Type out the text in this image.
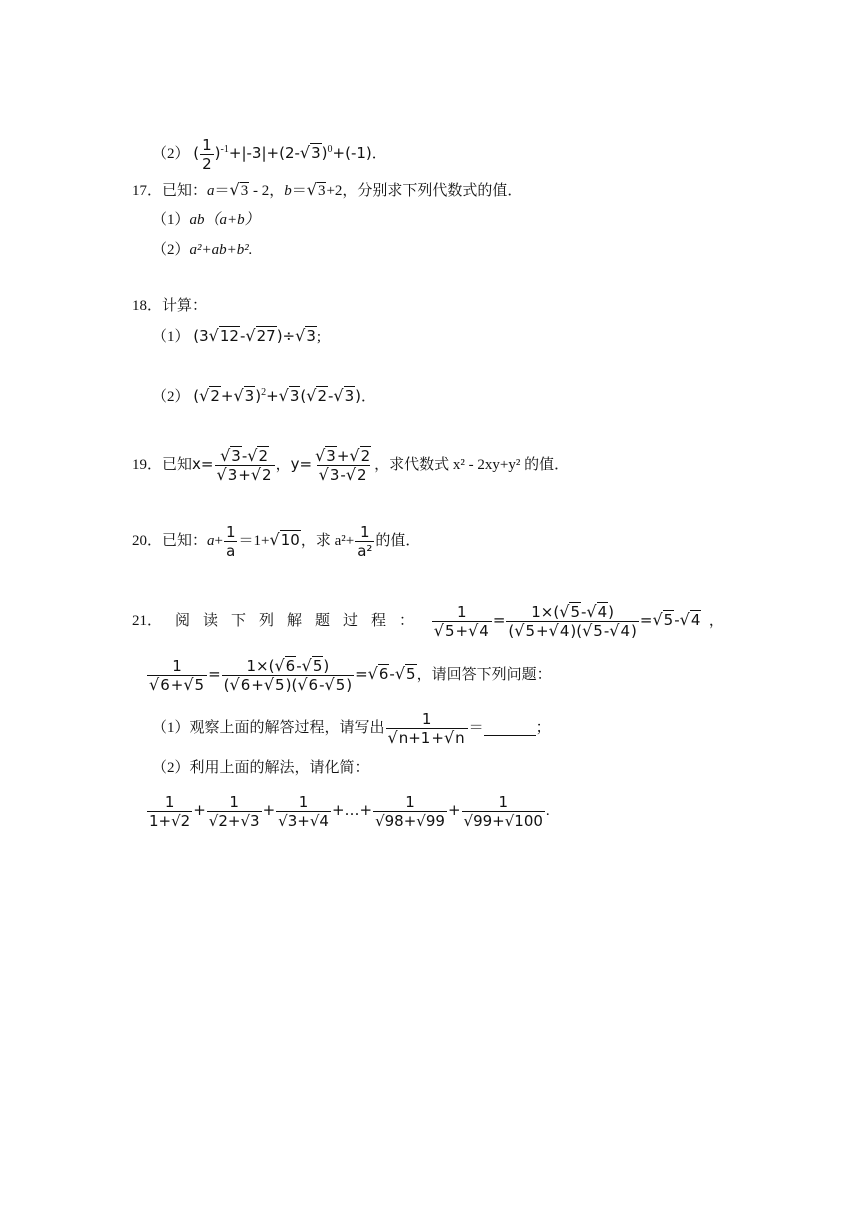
（2） ( $\frac{1}{2} )^{-1}+|-3|+(2-√3)^0+(-1)$．
17．已知：a＝√3 - 2，b＝√3+2，分别求下列代数式的值．
（1）ab（a+b）
（2）a²+ab+b².
18．计算：
（1） (3√12-√27)÷√3;
（2） $(√2+√3)^2+√3(√2-√3)$．
19．已知$x= \frac{√3-√2}{√3+√2}$ ，$y= \frac{√3+√2}{√3-√2}$ ，求代数式 x² - 2xy+y² 的值．
20．已知：$a+ \frac{1}{a} =1+√10$，求 $a^2+ \frac{1}{\text{a²}}$ 的值．
21．阅读下列解题过程： $\frac{1}{√5+√4} = \frac{1\times(√5-√4)}{(√5+√4)(√5-√4)} =√5-√4$  ，
$\frac{1}{√6+√5} = \frac{1\times(√6-√5)}{(√6+√5)(√6-√5)} =√6-√5$，请回答下列问题：
（1）观察上面的解答过程，请写出 $\frac{1}{√n+1+√n}$ ＝	；
（2）利用上面的解法，请化简：
$\frac{1}{1+√2} + \frac{1}{√2+√3} + \frac{1}{√3+√4}$ +…+ $\frac{1}{√98+√99} + \frac{1}{√99+√100}$ .
